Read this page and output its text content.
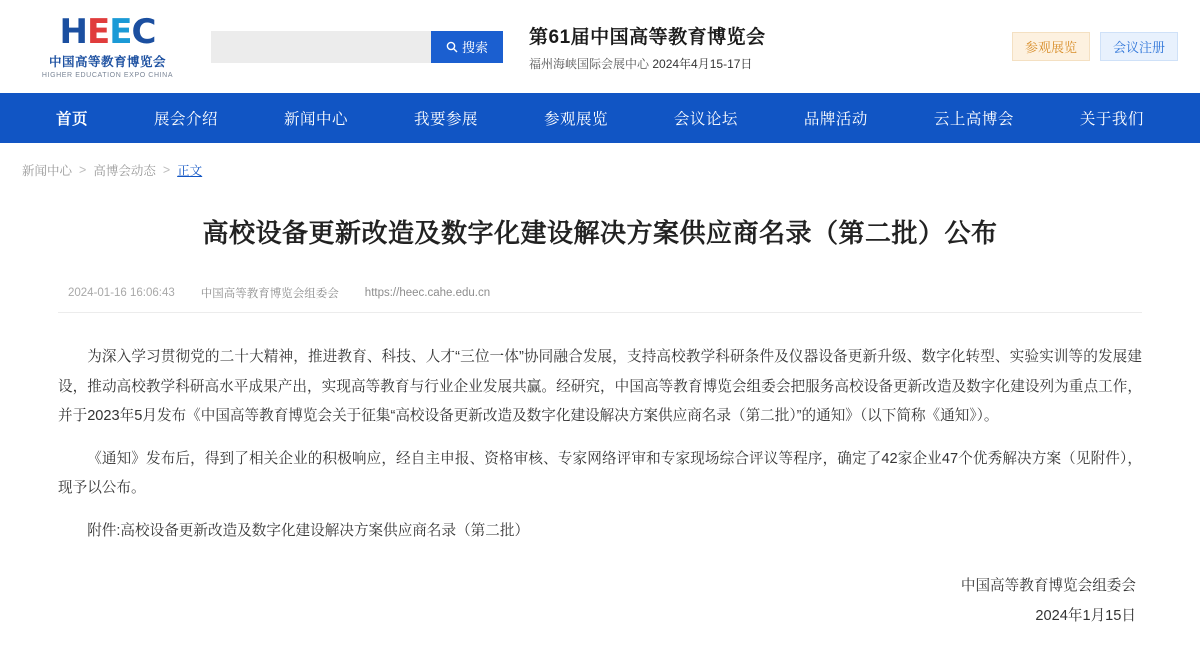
H E E C
中国高等教育博览会
HIGHER EDUCATION EXPO CHINA
搜索 第61届中国高等教育博览会
福州海峡国际会展中心 2024年4月15-17日
参观展览	会议注册
首页	展会介绍	新闻中心	我要参展	参观展览	会议论坛	品牌活动	云上高博会	关于我们
新闻中心 > 高博会动态 > 正文
高校设备更新改造及数字化建设解决方案供应商名录（第二批）公布
2024-01-16 16:06:43 中国高等教育博览会组委会 https://heec.cahe.edu.cn

为深入学习贯彻党的二十大精神，推进教育、科技、人才“三位一体”协同融合发展，支持高校教学科研条件及仪器设备更新升级、数字化转型、实验实训等的发展建设，推动高校教学科研高水平成果产出，实现高等教育与行业企业发展共赢。经研究，中国高等教育博览会组委会把服务高校设备更新改造及数字化建设列为重点工作，并于2023年5月发布《中国高等教育博览会关于征集“高校设备更新改造及数字化建设解决方案供应商名录（第二批）”的通知》（以下简称《通知》）。

《通知》发布后，得到了相关企业的积极响应，经自主申报、资格审核、专家网络评审和专家现场综合评议等程序，确定了42家企业47个优秀解决方案（见附件），现予以公布。

附件:高校设备更新改造及数字化建设解决方案供应商名录（第二批）

中国高等教育博览会组委会
2024年1月15日
